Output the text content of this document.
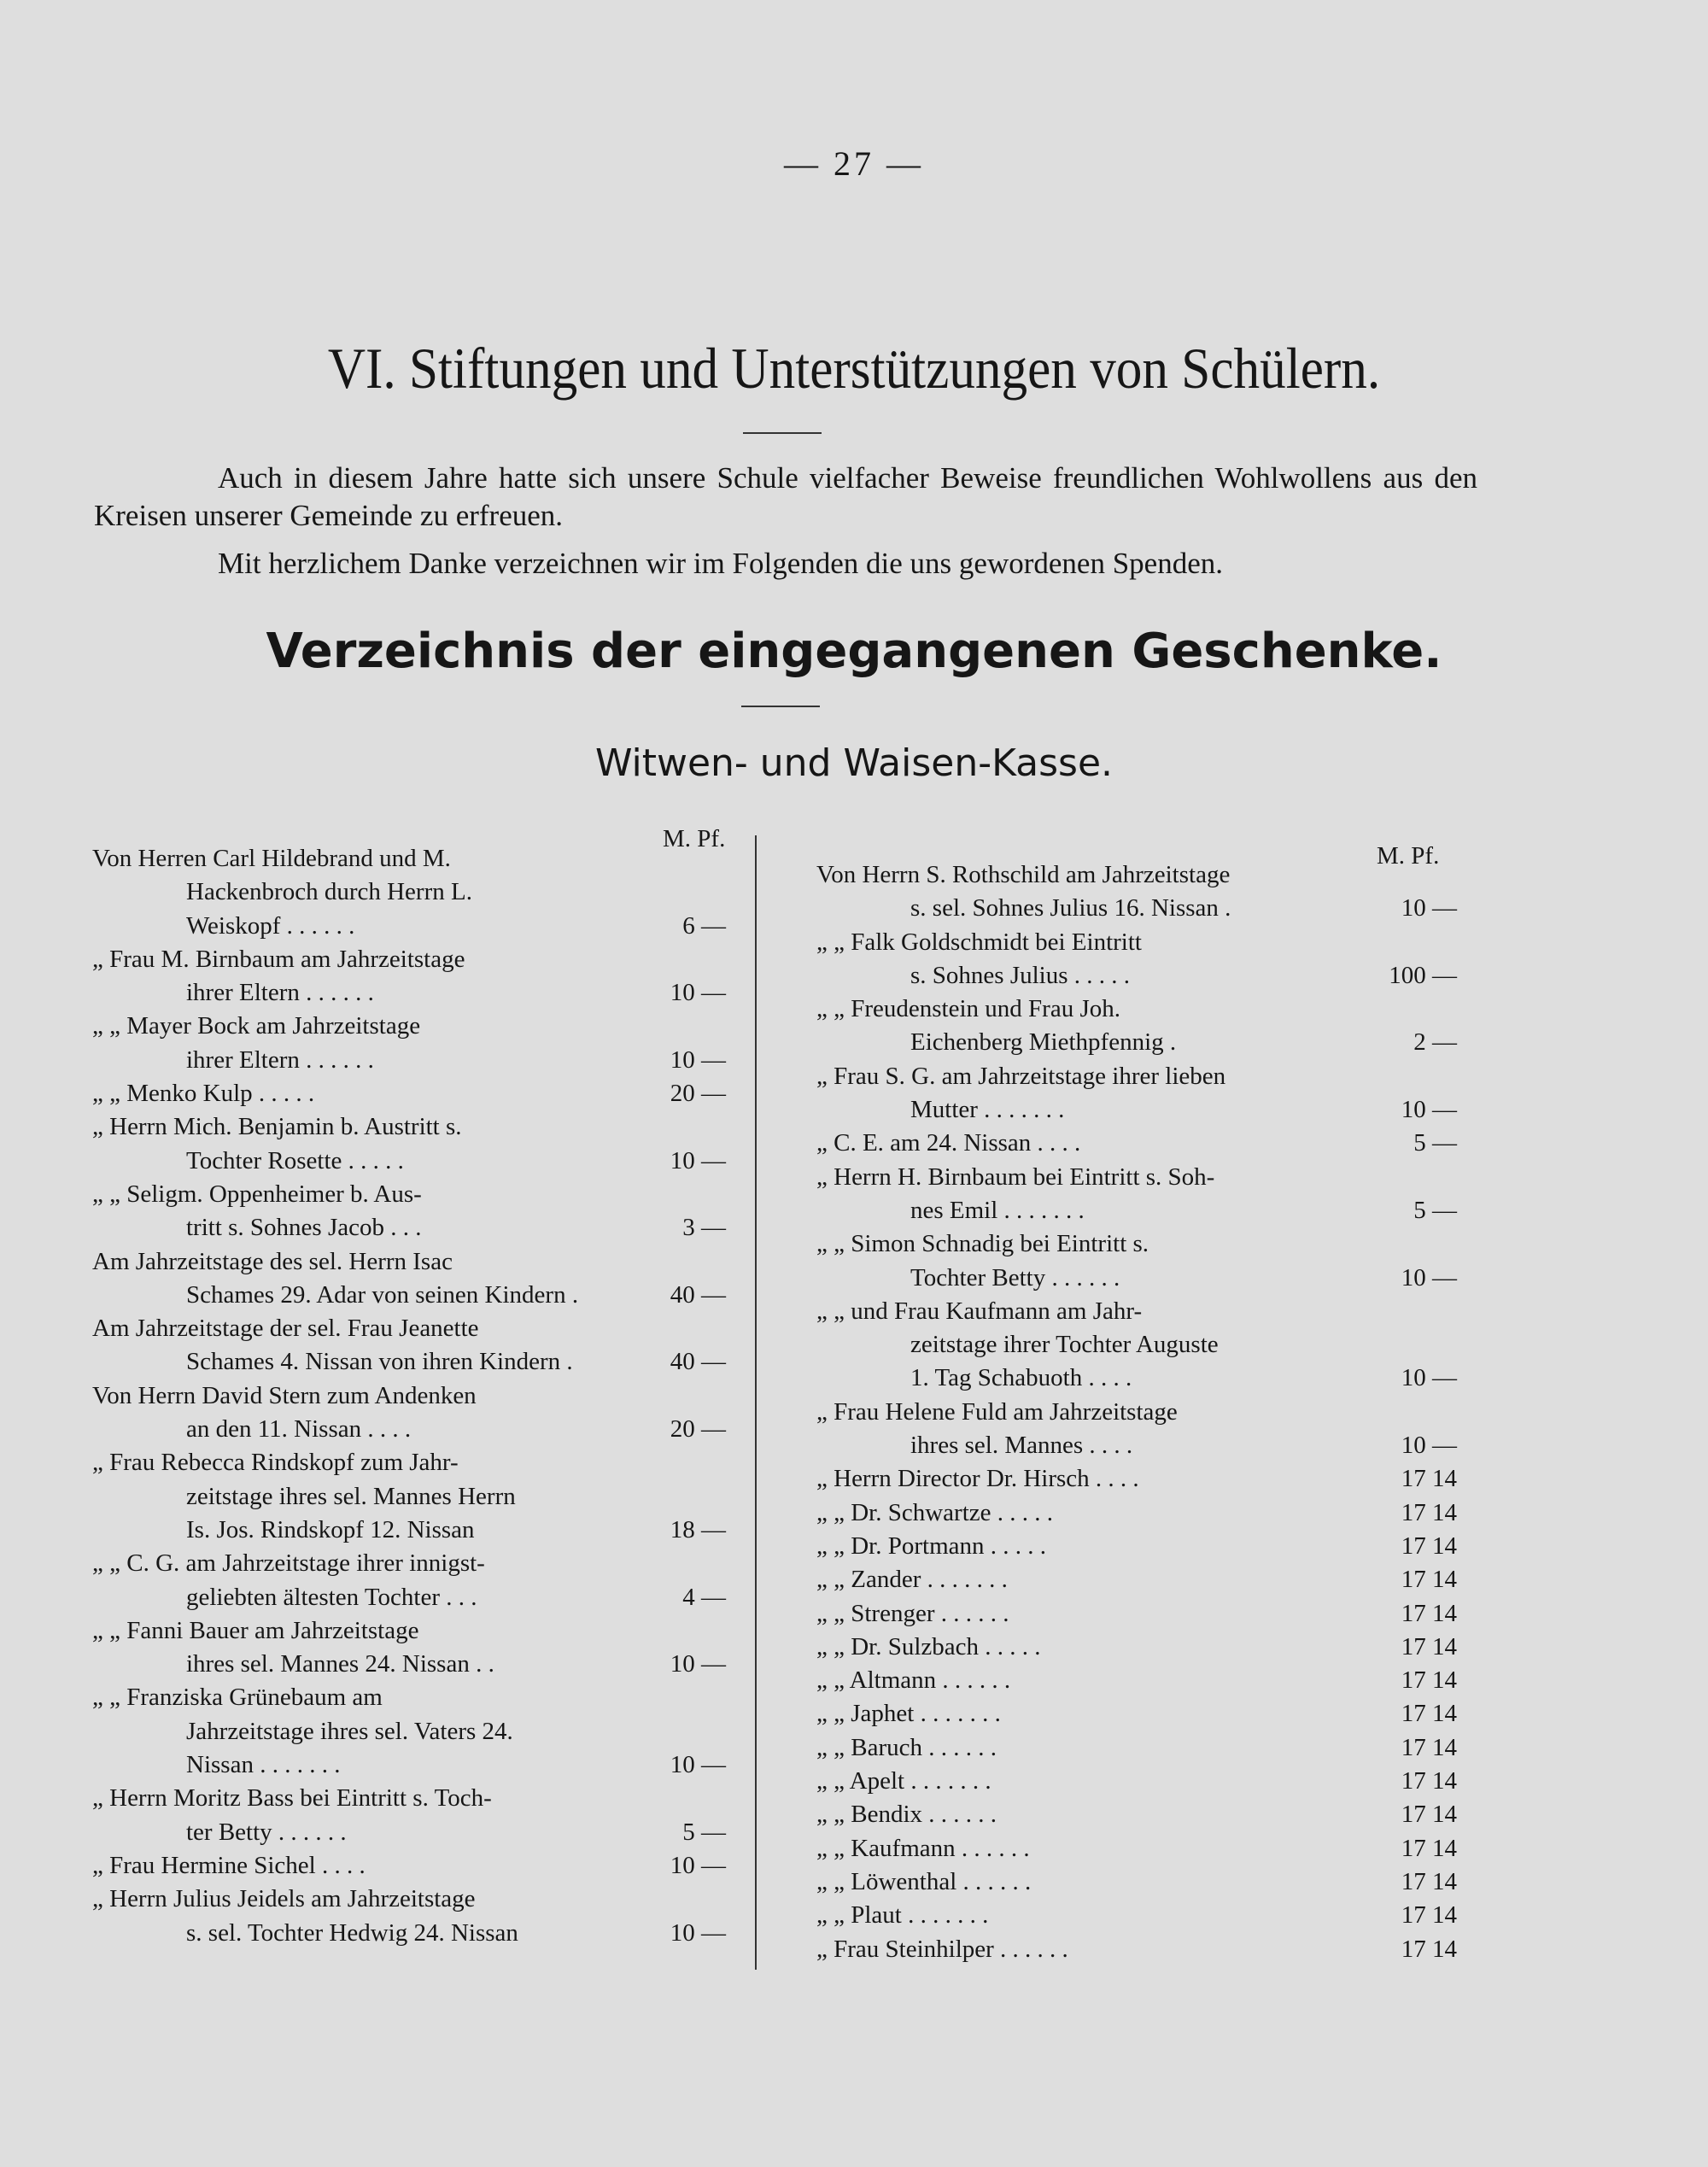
— 27 —
VI. Stiftungen und Unterstützungen von Schülern.

Auch in diesem Jahre hatte sich unsere Schule vielfacher Beweise freundlichen Wohlwollens aus den Kreisen unserer Gemeinde zu erfreuen.

Mit herzlichem Danke verzeichnen wir im Folgenden die uns gewordenen Spenden.

Verzeichnis der eingegangenen Geschenke.
Witwen- und Waisen-Kasse.
M. Pf.
M. Pf.
Von Herren Carl Hildebrand und M.
Hackenbroch durch Herrn L.
Weiskopf . . . . . .	6 —
„ Frau M. Birnbaum am Jahrzeitstage
ihrer Eltern . . . . . .	10 —
„ „ Mayer Bock am Jahrzeitstage
ihrer Eltern . . . . . .	10 —
„ „ Menko Kulp . . . . .	20 —
„ Herrn Mich. Benjamin b. Austritt s.
Tochter Rosette . . . . .	10 —
„ „ Seligm. Oppenheimer b. Aus-
tritt s. Sohnes Jacob . . .	3 —
Am Jahrzeitstage des sel. Herrn Isac
Schames 29. Adar von seinen Kindern .	40 —
Am Jahrzeitstage der sel. Frau Jeanette
Schames 4. Nissan von ihren Kindern .	40 —
Von Herrn David Stern zum Andenken
an den 11. Nissan . . . .	20 —
„ Frau Rebecca Rindskopf zum Jahr-
zeitstage ihres sel. Mannes Herrn
Is. Jos. Rindskopf 12. Nissan	18 —
„ „ C. G. am Jahrzeitstage ihrer innigst-
geliebten ältesten Tochter . . .	4 —
„ „ Fanni Bauer am Jahrzeitstage
ihres sel. Mannes 24. Nissan . .	10 —
„ „ Franziska Grünebaum am
Jahrzeitstage ihres sel. Vaters 24.
Nissan . . . . . . .	10 —
„ Herrn Moritz Bass bei Eintritt s. Toch-
ter Betty . . . . . .	5 —
„ Frau Hermine Sichel . . . .	10 —
„ Herrn Julius Jeidels am Jahrzeitstage
s. sel. Tochter Hedwig 24. Nissan	10 —
Von Herrn S. Rothschild am Jahrzeitstage
s. sel. Sohnes Julius 16. Nissan .	10 —
„ „ Falk Goldschmidt bei Eintritt
s. Sohnes Julius . . . . .	100 —
„ „ Freudenstein und Frau Joh.
Eichenberg Miethpfennig .	2 —
„ Frau S. G. am Jahrzeitstage ihrer lieben
Mutter . . . . . . .	10 —
„ C. E. am 24. Nissan . . . .	5 —
„ Herrn H. Birnbaum bei Eintritt s. Soh-
nes Emil . . . . . . .	5 —
„ „ Simon Schnadig bei Eintritt s.
Tochter Betty . . . . . .	10 —
„ „ und Frau Kaufmann am Jahr-
zeitstage ihrer Tochter Auguste
1. Tag Schabuoth . . . .	10 —
„ Frau Helene Fuld am Jahrzeitstage
ihres sel. Mannes . . . .	10 —
„ Herrn Director Dr. Hirsch . . . .	17 14
„ „ Dr. Schwartze . . . . .	17 14
„ „ Dr. Portmann . . . . .	17 14
„ „ Zander . . . . . . .	17 14
„ „ Strenger . . . . . .	17 14
„ „ Dr. Sulzbach . . . . .	17 14
„ „ Altmann . . . . . .	17 14
„ „ Japhet . . . . . . .	17 14
„ „ Baruch . . . . . .	17 14
„ „ Apelt . . . . . . .	17 14
„ „ Bendix . . . . . .	17 14
„ „ Kaufmann . . . . . .	17 14
„ „ Löwenthal . . . . . .	17 14
„ „ Plaut . . . . . . .	17 14
„ Frau Steinhilper . . . . . .	17 14
